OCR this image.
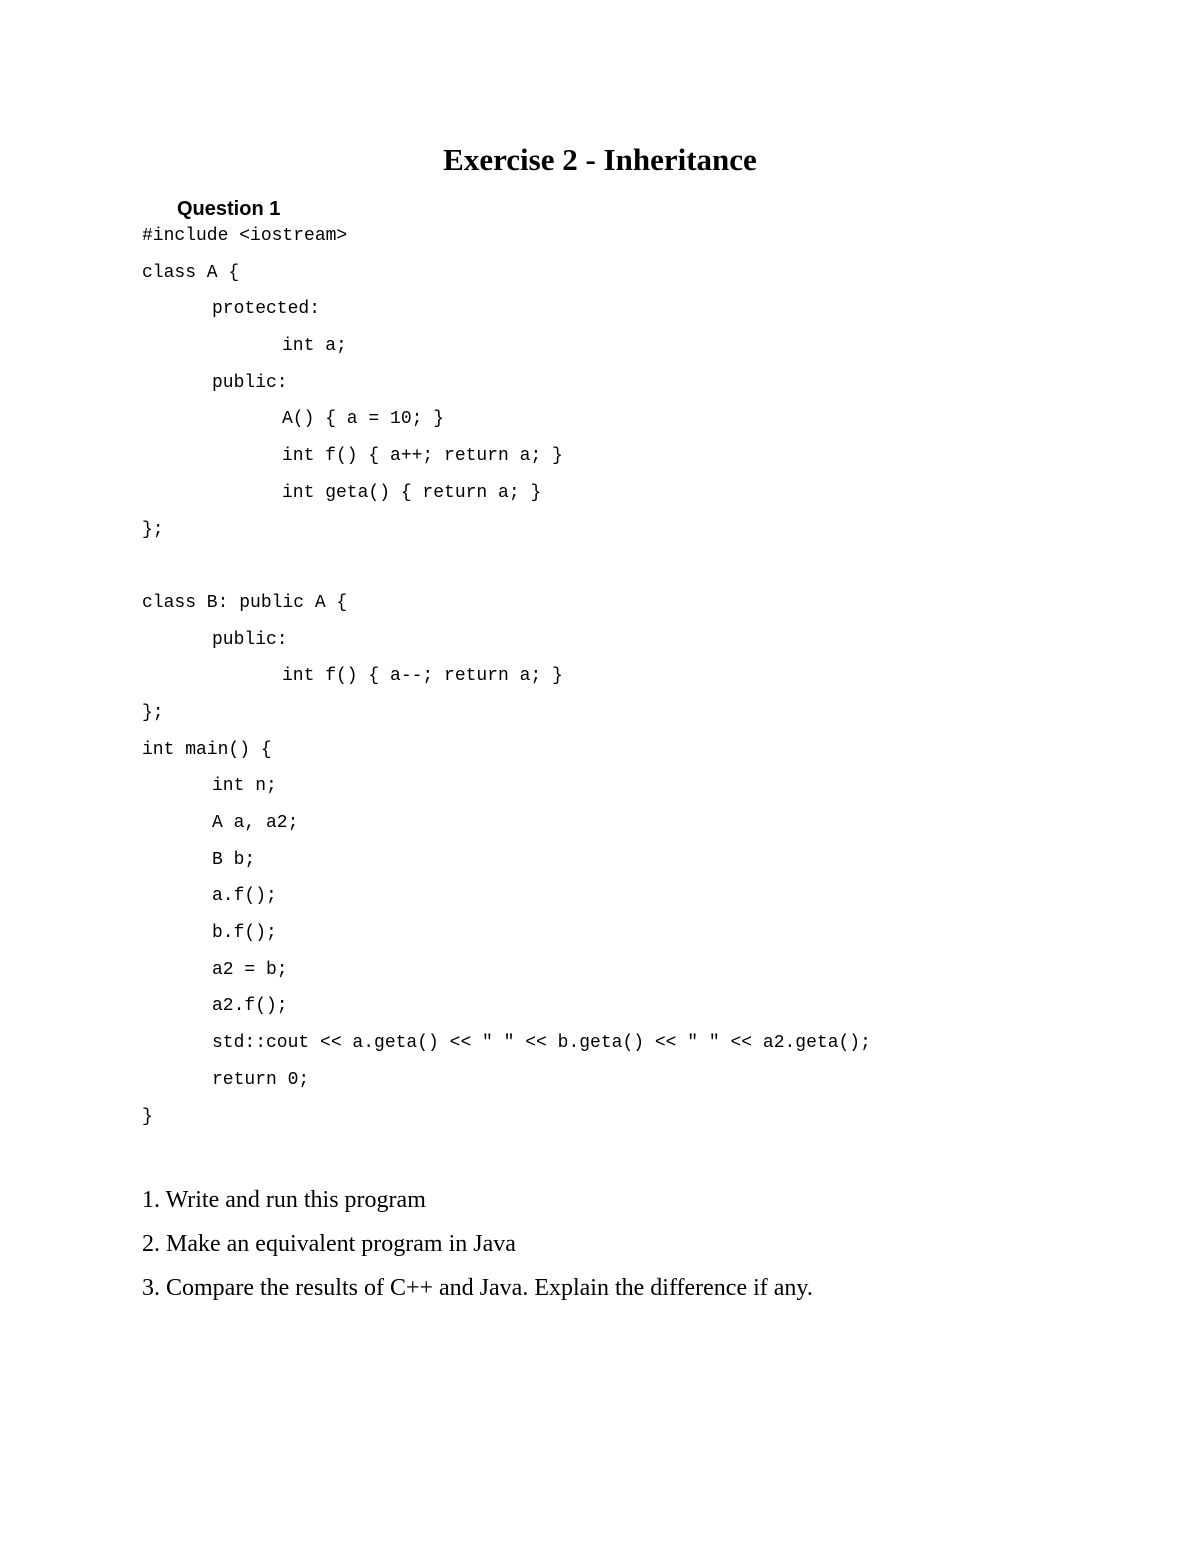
Exercise 2 - Inheritance
Question 1
#include <iostream>
class A {
protected:
int a;
public:
A() { a = 10; }
int f() { a++; return a; }
int geta() { return a; }
};
class B: public A {
public:
int f() { a--; return a; }
};
int main() {
int n;
A a, a2;
B b;
a.f();
b.f();
a2 = b;
a2.f();
std::cout << a.geta() << " " << b.geta() << " " << a2.geta();
return 0;
}
1. Write and run this program
2. Make an equivalent program in Java
3. Compare the results of C++ and Java. Explain the difference if any.
